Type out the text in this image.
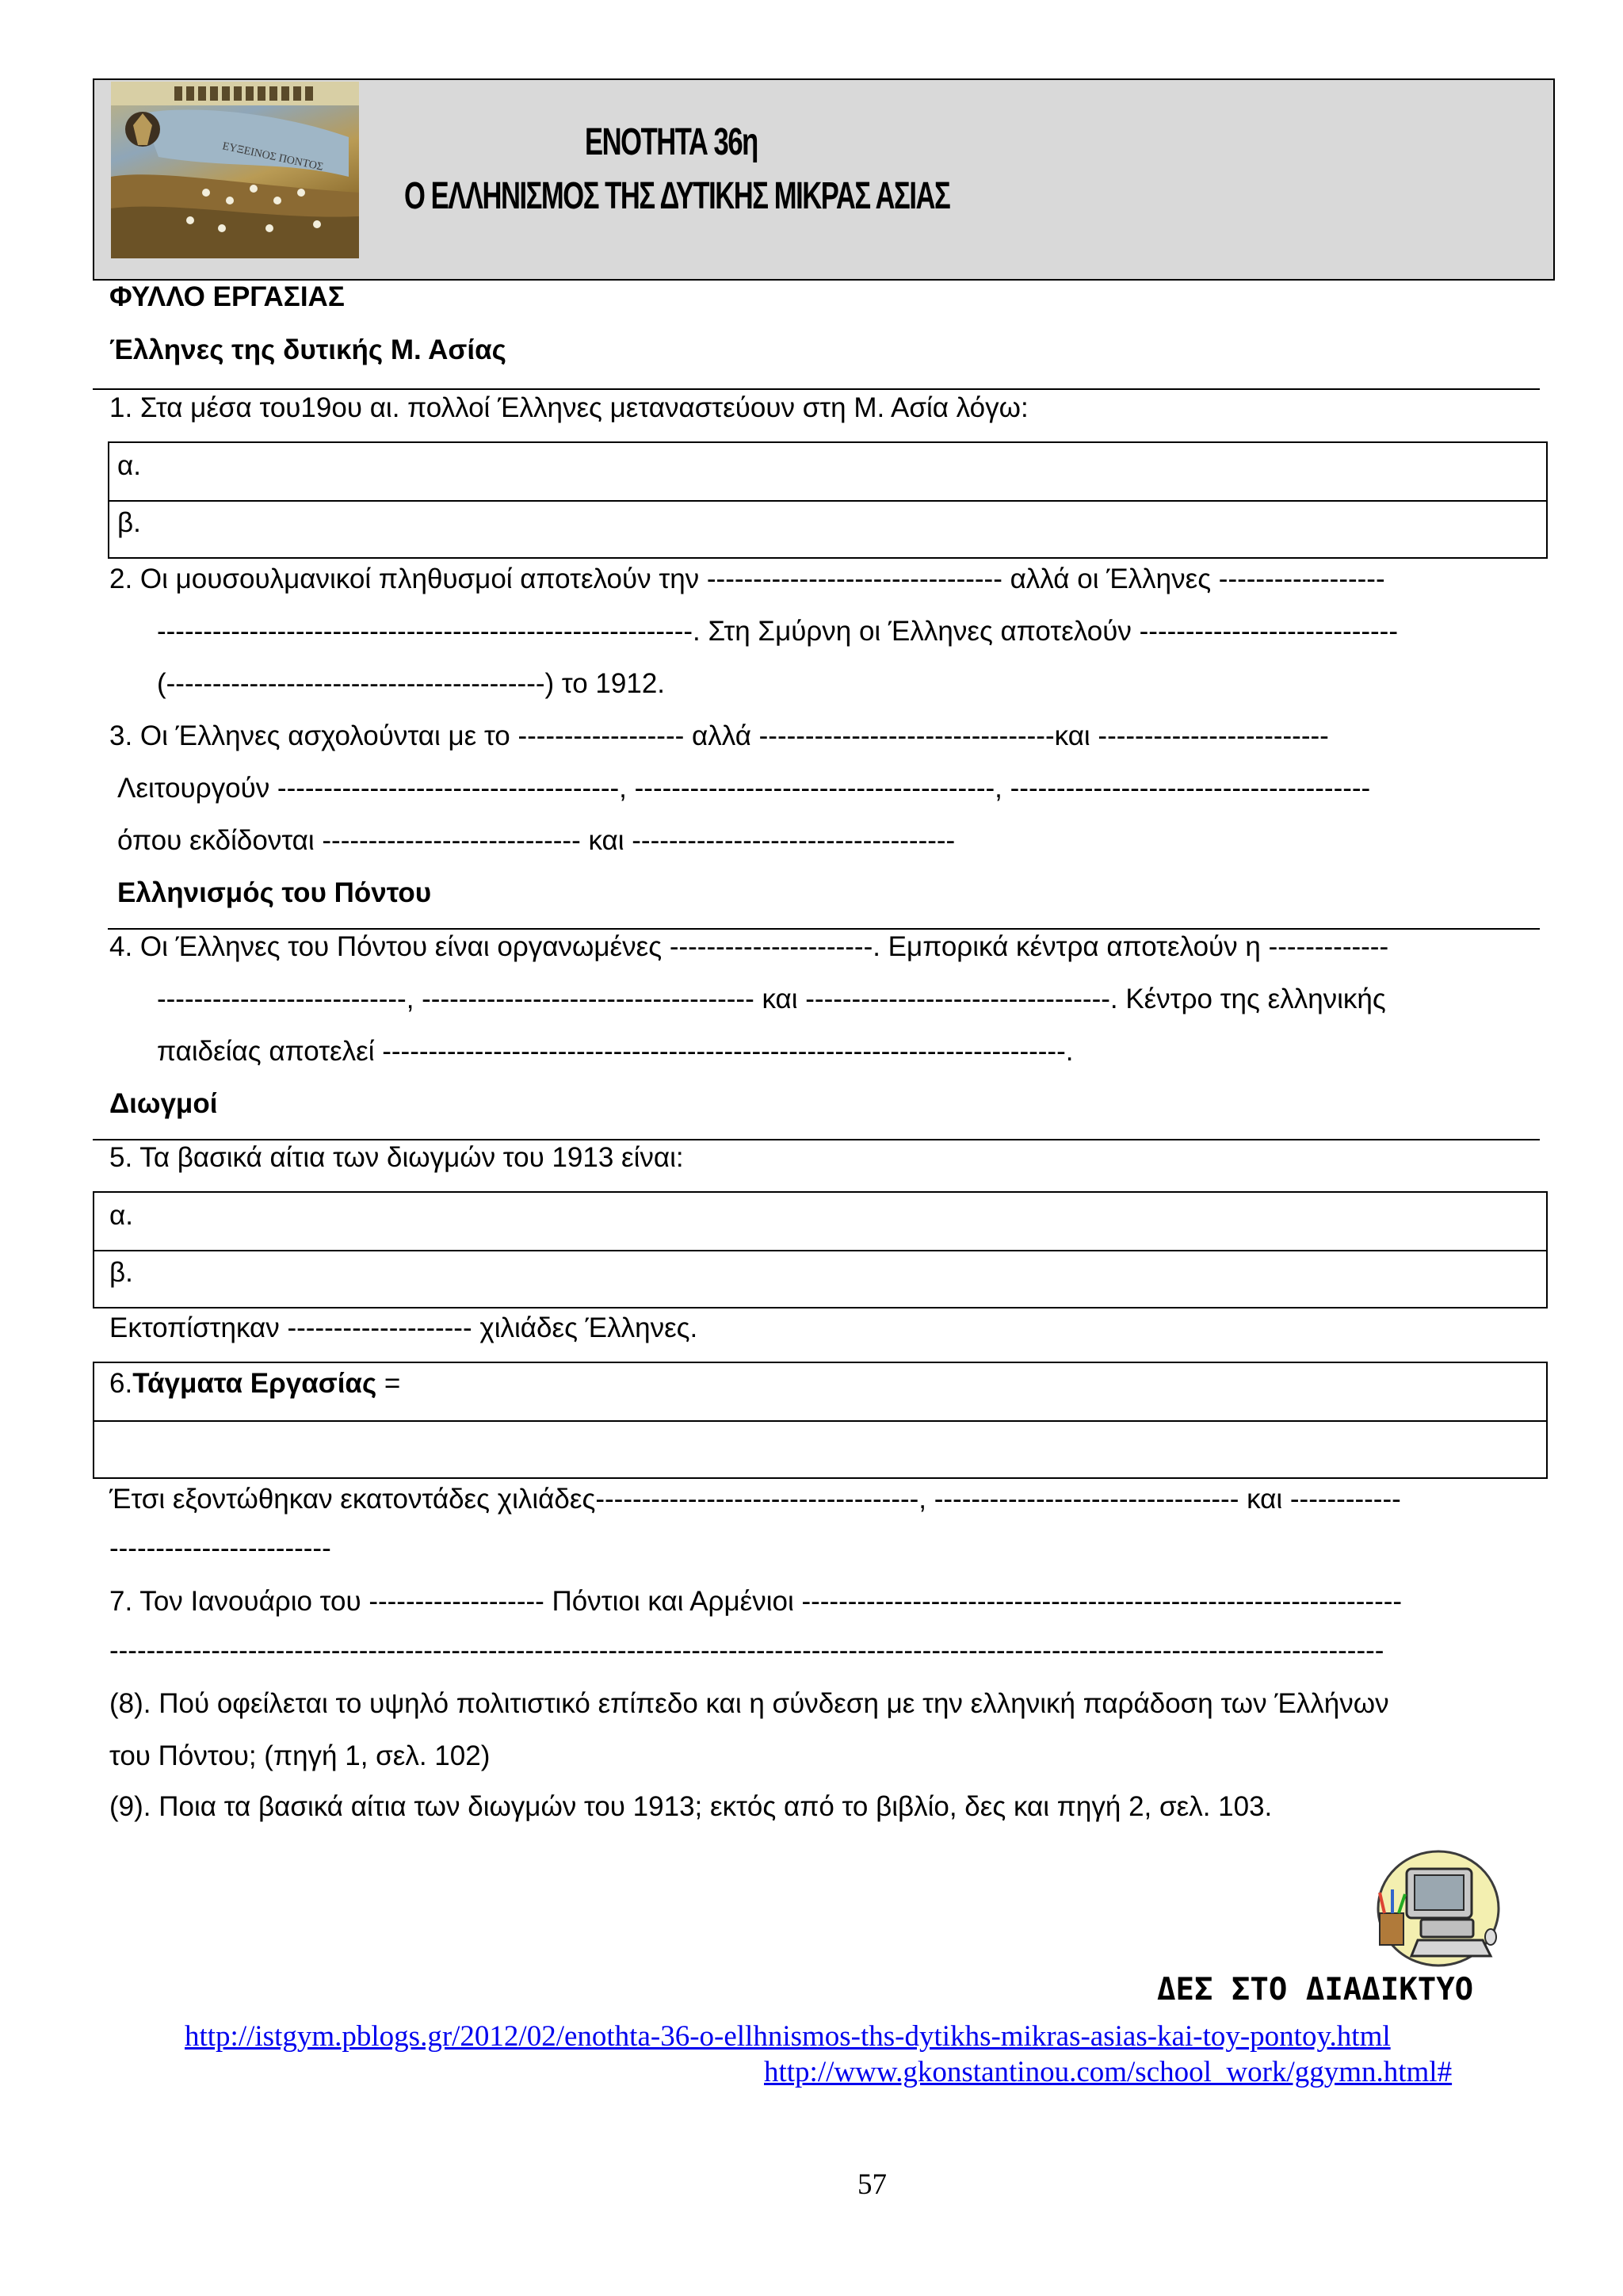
ΕΥΞΕΙΝΟΣ ΠΟΝΤΟΣ	ΕΝΟΤΗΤΑ 36η
Ο ΕΛΛΗΝΙΣΜΟΣ ΤΗΣ ΔΥΤΙΚΗΣ ΜΙΚΡΑΣ ΑΣΙΑΣ
ΦΥΛΛΟ ΕΡΓΑΣΙΑΣ
Έλληνες της δυτικής Μ. Ασίας
1. Στα μέσα του19ου αι. πολλοί Έλληνες μεταναστεύουν στη Μ. Ασία λόγω:
α.
β.
2. Οι μουσουλμανικοί πληθυσμοί αποτελούν την -------------------------------- αλλά οι Έλληνες ------------------
----------------------------------------------------------. Στη Σμύρνη οι Έλληνες αποτελούν ----------------------------
(-----------------------------------------) το 1912.
3. Οι Έλληνες ασχολούνται με το ------------------ αλλά --------------------------------και -------------------------
Λειτουργούν -------------------------------------, ---------------------------------------, ---------------------------------------
όπου εκδίδονται ---------------------------- και -----------------------------------
Ελληνισμός του Πόντου
4. Οι Έλληνες του Πόντου είναι οργανωμένες ----------------------. Εμπορικά κέντρα αποτελούν η -------------
---------------------------, ------------------------------------ και ---------------------------------. Κέντρο της ελληνικής
παιδείας αποτελεί --------------------------------------------------------------------------.
Διωγμοί
5. Τα βασικά αίτια των διωγμών του 1913 είναι:
α.
β.
Εκτοπίστηκαν -------------------- χιλιάδες Έλληνες.
6.Τάγματα Εργασίας =
Έτσι εξοντώθηκαν εκατοντάδες χιλιάδες-----------------------------------, --------------------------------- και ------------
------------------------
7. Τον Ιανουάριο του ------------------- Πόντιοι και Αρμένιοι -----------------------------------------------------------------
------------------------------------------------------------------------------------------------------------------------------------------
(8). Πού οφείλεται το υψηλό πολιτιστικό επίπεδο και η σύνδεση με την ελληνική παράδοση των Έλλήνων
του Πόντου; (πηγή 1, σελ. 102)
(9). Ποια τα βασικά αίτια των διωγμών του 1913; εκτός από το βιβλίο, δες και πηγή 2, σελ. 103.
ΔΕΣ ΣΤΟ ΔΙΑΔΙΚΤΥΟ
http://istgym.pblogs.gr/2012/02/enothta-36-o-ellhnismos-ths-dytikhs-mikras-asias-kai-toy-pontoy.html
http://www.gkonstantinou.com/school_work/ggymn.html#
57
